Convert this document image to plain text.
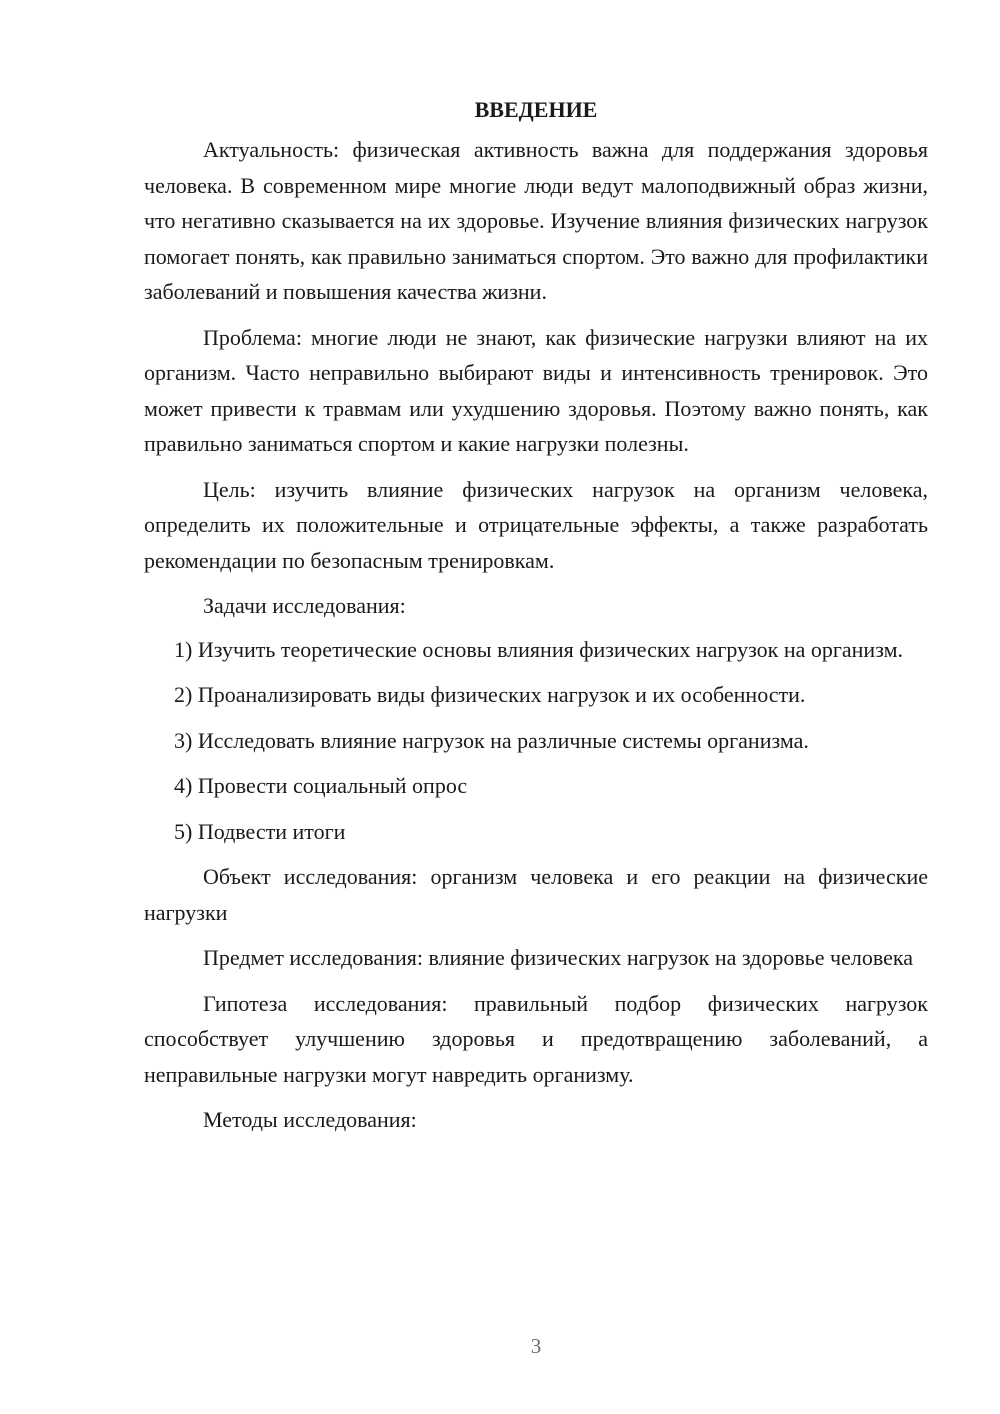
ВВЕДЕНИЕ

Актуальность: физическая активность важна для поддержания здоровья человека. В современном мире многие люди ведут малоподвижный образ жизни, что негативно сказывается на их здоровье. Изучение влияния физических нагрузок помогает понять, как правильно заниматься спортом. Это важно для профилактики заболеваний и повышения качества жизни.

Проблема: многие люди не знают, как физические нагрузки влияют на их организм. Часто неправильно выбирают виды и интенсивность тренировок. Это может привести к травмам или ухудшению здоровья. Поэтому важно понять, как правильно заниматься спортом и какие нагрузки полезны.

Цель: изучить влияние физических нагрузок на организм человека, определить их положительные и отрицательные эффекты, а также разработать рекомендации по безопасным тренировкам.

Задачи исследования:

1) Изучить теоретические основы влияния физических нагрузок на организм.

2) Проанализировать виды физических нагрузок и их особенности.

3) Исследовать влияние нагрузок на различные системы организма.

4) Провести социальный опрос

5) Подвести итоги

Объект исследования: организм человека и его реакции на физические нагрузки

Предмет исследования: влияние физических нагрузок на здоровье человека

Гипотеза исследования: правильный подбор физических нагрузок способствует улучшению здоровья и предотвращению заболеваний, а неправильные нагрузки могут навредить организму.

Методы исследования:

3
